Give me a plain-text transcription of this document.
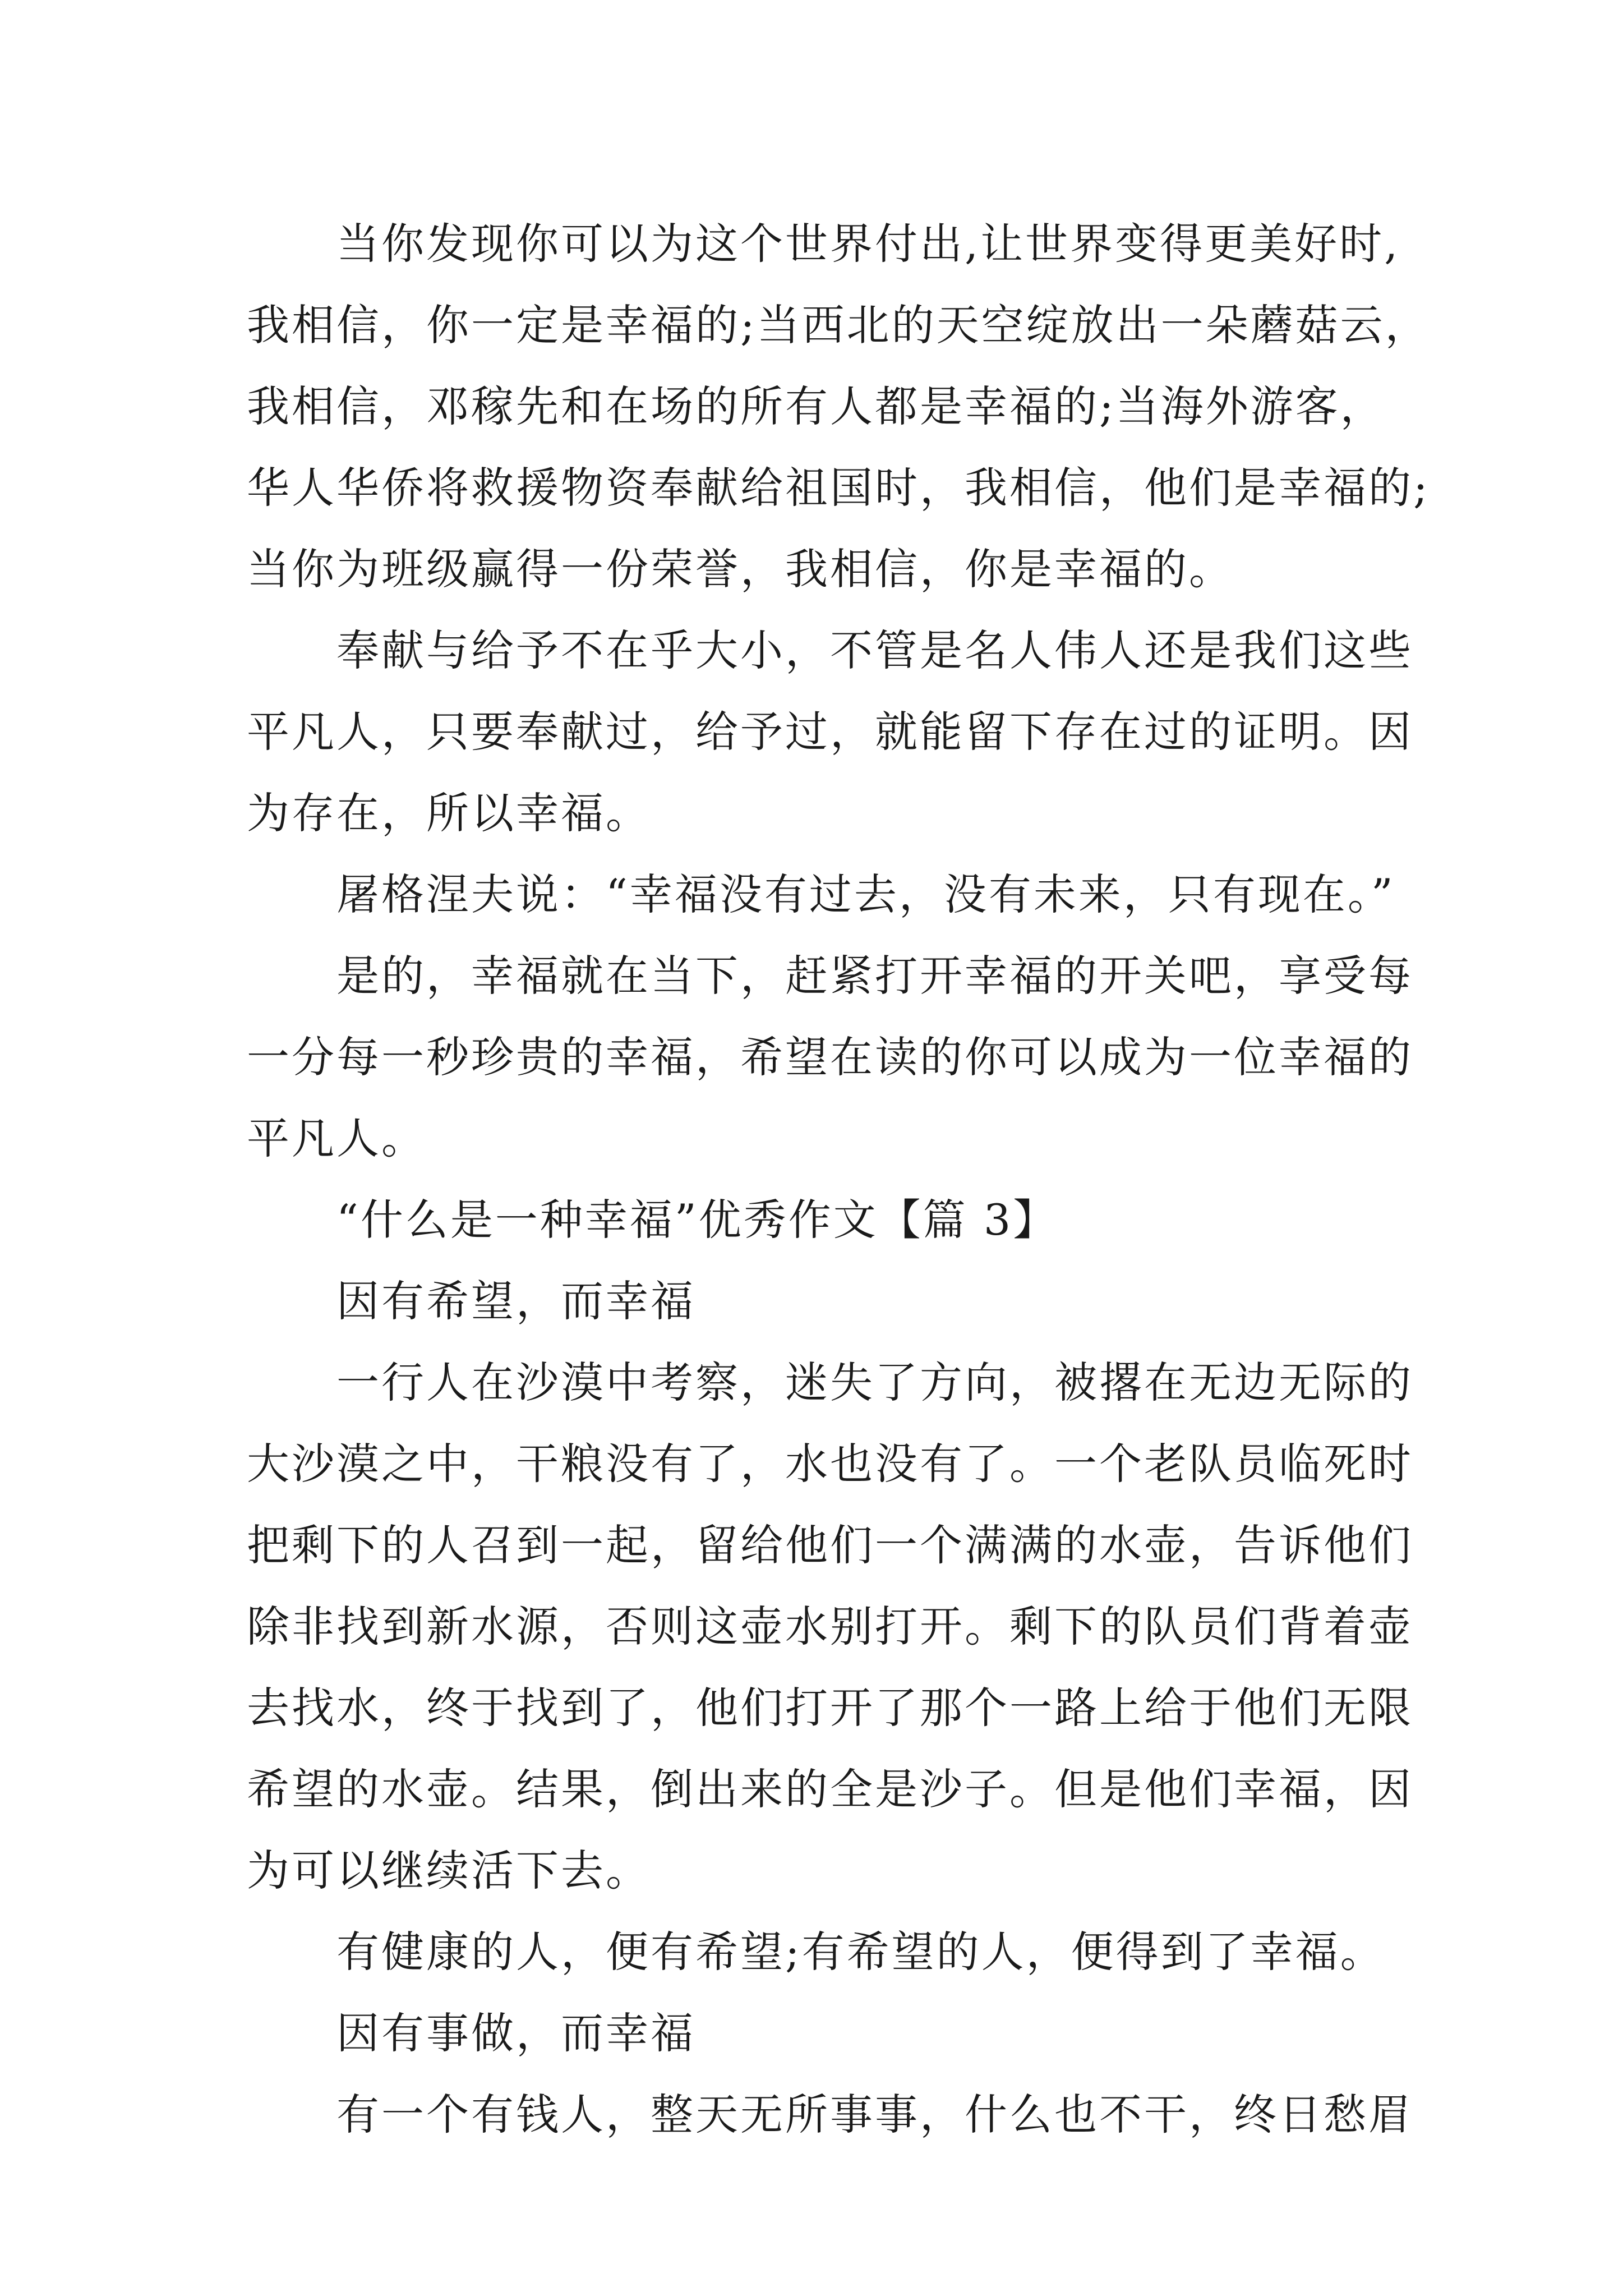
当你发现你可以为这个世界付出,让世界变得更美好时,
我相信，你一定是幸福的;当西北的天空绽放出一朵蘑菇云，
我相信，邓稼先和在场的所有人都是幸福的;当海外游客，
华人华侨将救援物资奉献给祖国时，我相信，他们是幸福的;
当你为班级赢得一份荣誉，我相信，你是幸福的。
奉献与给予不在乎大小，不管是名人伟人还是我们这些
平凡人，只要奉献过，给予过，就能留下存在过的证明。因
为存在，所以幸福。
屠格涅夫说：“幸福没有过去，没有未来，只有现在。”
是的，幸福就在当下，赶紧打开幸福的开关吧，享受每
一分每一秒珍贵的幸福，希望在读的你可以成为一位幸福的
平凡人。
“什么是一种幸福”优秀作文【篇 3】
因有希望，而幸福
一行人在沙漠中考察，迷失了方向，被撂在无边无际的
大沙漠之中，干粮没有了，水也没有了。一个老队员临死时
把剩下的人召到一起，留给他们一个满满的水壶，告诉他们
除非找到新水源，否则这壶水别打开。剩下的队员们背着壶
去找水，终于找到了，他们打开了那个一路上给于他们无限
希望的水壶。结果，倒出来的全是沙子。但是他们幸福，因
为可以继续活下去。
有健康的人，便有希望;有希望的人，便得到了幸福。
因有事做，而幸福
有一个有钱人，整天无所事事，什么也不干，终日愁眉
